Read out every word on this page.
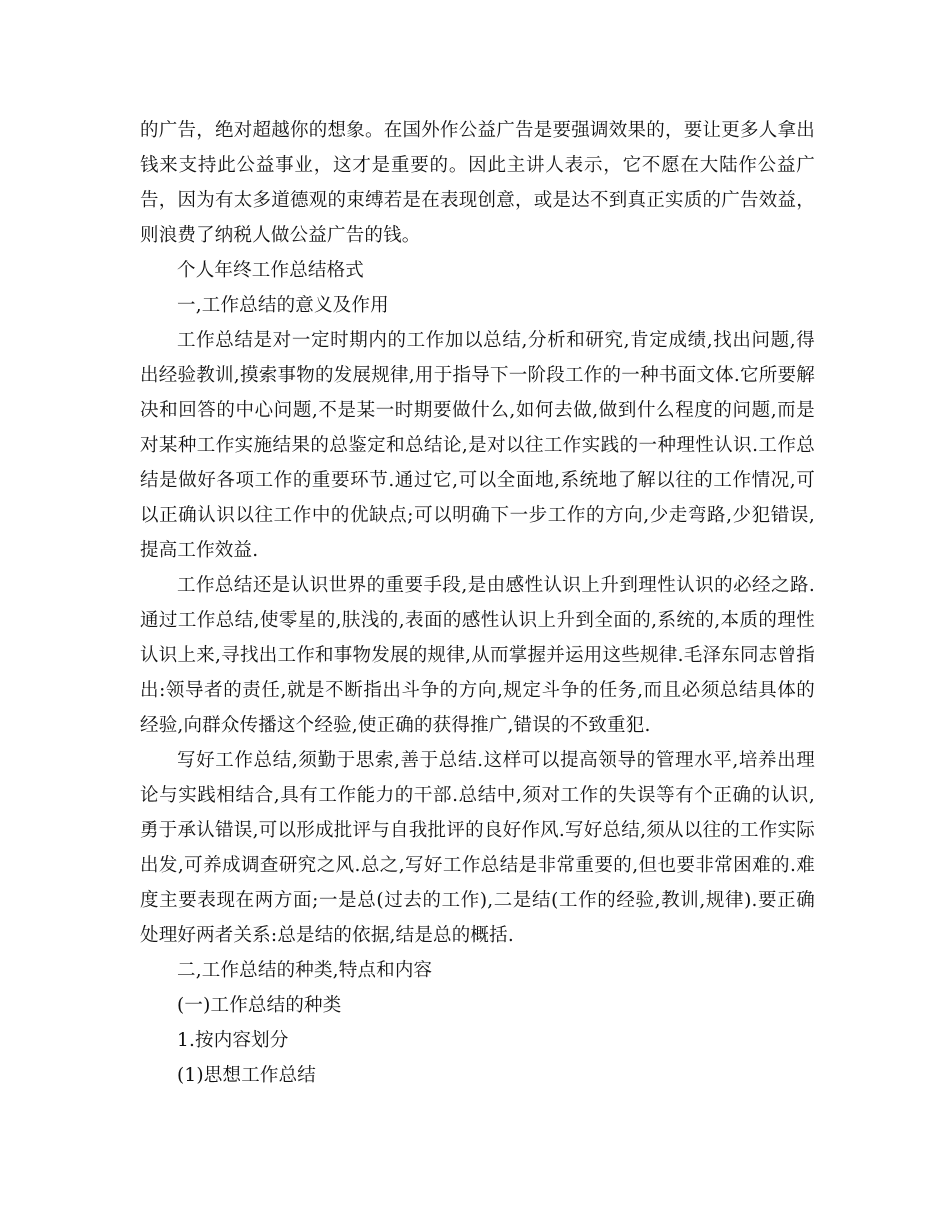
的广告，绝对超越你的想象。在国外作公益广告是要强调效果的，要让更多人拿出钱来支持此公益事业，这才是重要的。因此主讲人表示，它不愿在大陆作公益广告，因为有太多道德观的束缚若是在表现创意，或是达不到真正实质的广告效益，则浪费了纳税人做公益广告的钱。

个人年终工作总结格式

一,工作总结的意义及作用

工作总结是对一定时期内的工作加以总结,分析和研究,肯定成绩,找出问题,得出经验教训,摸索事物的发展规律,用于指导下一阶段工作的一种书面文体.它所要解决和回答的中心问题,不是某一时期要做什么,如何去做,做到什么程度的问题,而是对某种工作实施结果的总鉴定和总结论,是对以往工作实践的一种理性认识.工作总结是做好各项工作的重要环节.通过它,可以全面地,系统地了解以往的工作情况,可以正确认识以往工作中的优缺点;可以明确下一步工作的方向,少走弯路,少犯错误,提高工作效益.

工作总结还是认识世界的重要手段,是由感性认识上升到理性认识的必经之路.通过工作总结,使零星的,肤浅的,表面的感性认识上升到全面的,系统的,本质的理性认识上来,寻找出工作和事物发展的规律,从而掌握并运用这些规律.毛泽东同志曾指出:领导者的责任,就是不断指出斗争的方向,规定斗争的任务,而且必须总结具体的经验,向群众传播这个经验,使正确的获得推广,错误的不致重犯.

写好工作总结,须勤于思索,善于总结.这样可以提高领导的管理水平,培养出理论与实践相结合,具有工作能力的干部.总结中,须对工作的失误等有个正确的认识,勇于承认错误,可以形成批评与自我批评的良好作风.写好总结,须从以往的工作实际出发,可养成调查研究之风.总之,写好工作总结是非常重要的,但也要非常困难的.难度主要表现在两方面;一是总(过去的工作),二是结(工作的经验,教训,规律).要正确处理好两者关系:总是结的依据,结是总的概括.

二,工作总结的种类,特点和内容

(一)工作总结的种类

1.按内容划分

(1)思想工作总结
